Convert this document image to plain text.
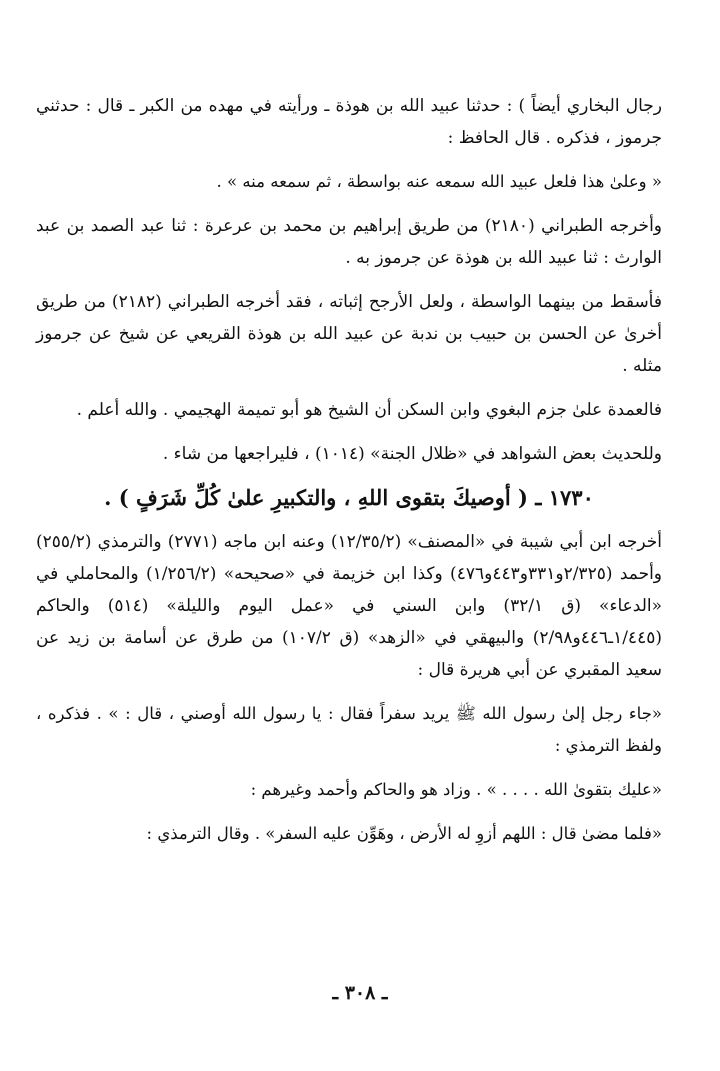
رجال البخاري أيضاً ) : حدثنا عبيد الله بن هوذة ـ ورأيته في مهده من الكبر ـ قال : حدثني جرموز ، فذكره . قال الحافظ :

« وعلىٰ هذا فلعل عبيد الله سمعه عنه بواسطة ، ثم سمعه منه » .

وأخرجه الطبراني (٢١٨٠) من طريق إبراهيم بن محمد بن عرعرة : ثنا عبد الصمد بن عبد الوارث : ثنا عبيد الله بن هوذة عن جرموز به .

فأسقط من بينهما الواسطة ، ولعل الأرجح إثباته ، فقد أخرجه الطبراني (٢١٨٢) من طريق أخرىٰ عن الحسن بن حبيب بن ندبة عن عبيد الله بن هوذة القريعي عن شيخ عن جرموز مثله .

فالعمدة علىٰ جزم البغوي وابن السكن أن الشيخ هو أبو تميمة الهجيمي . والله أعلم .

وللحديث بعض الشواهد في «ظلال الجنة» (١٠١٤) ، فليراجعها من شاء .

١٧٣٠ ـ ( أوصيكَ بتقوى اللهِ ، والتكبيرِ علىٰ كُلِّ شَرَفٍ ) .

أخرجه ابن أبي شيبة في «المصنف» (١٢/٣٥/٢) وعنه ابن ماجه (٢٧٧١) والترمذي (٢٥٥/٢) وأحمد (٢/٣٢٥و٣٣١و٤٤٣و٤٧٦) وكذا ابن خزيمة في «صحيحه» (١/٢٥٦/٢) والمحاملي في «الدعاء» (ق ٣٢/١) وابن السني في «عمل اليوم والليلة» (٥١٤) والحاكم (١/٤٤٥ـ٤٤٦و٢/٩٨) والبيهقي في «الزهد» (ق ١٠٧/٢) من طرق عن أسامة بن زيد عن سعيد المقبري عن أبي هريرة قال :

«جاء رجل إلىٰ رسول الله ﷺ يريد سفراً فقال : يا رسول الله أوصني ، قال : » . فذكره ، ولفظ الترمذي :

«عليك بتقوىٰ الله . . . . » . وزاد هو والحاكم وأحمد وغيرهم :

«فلما مضىٰ قال : اللهم أزوِ له الأرض ، وهَوِّن عليه السفر» . وقال الترمذي :

ـ ٣٠٨ ـ
